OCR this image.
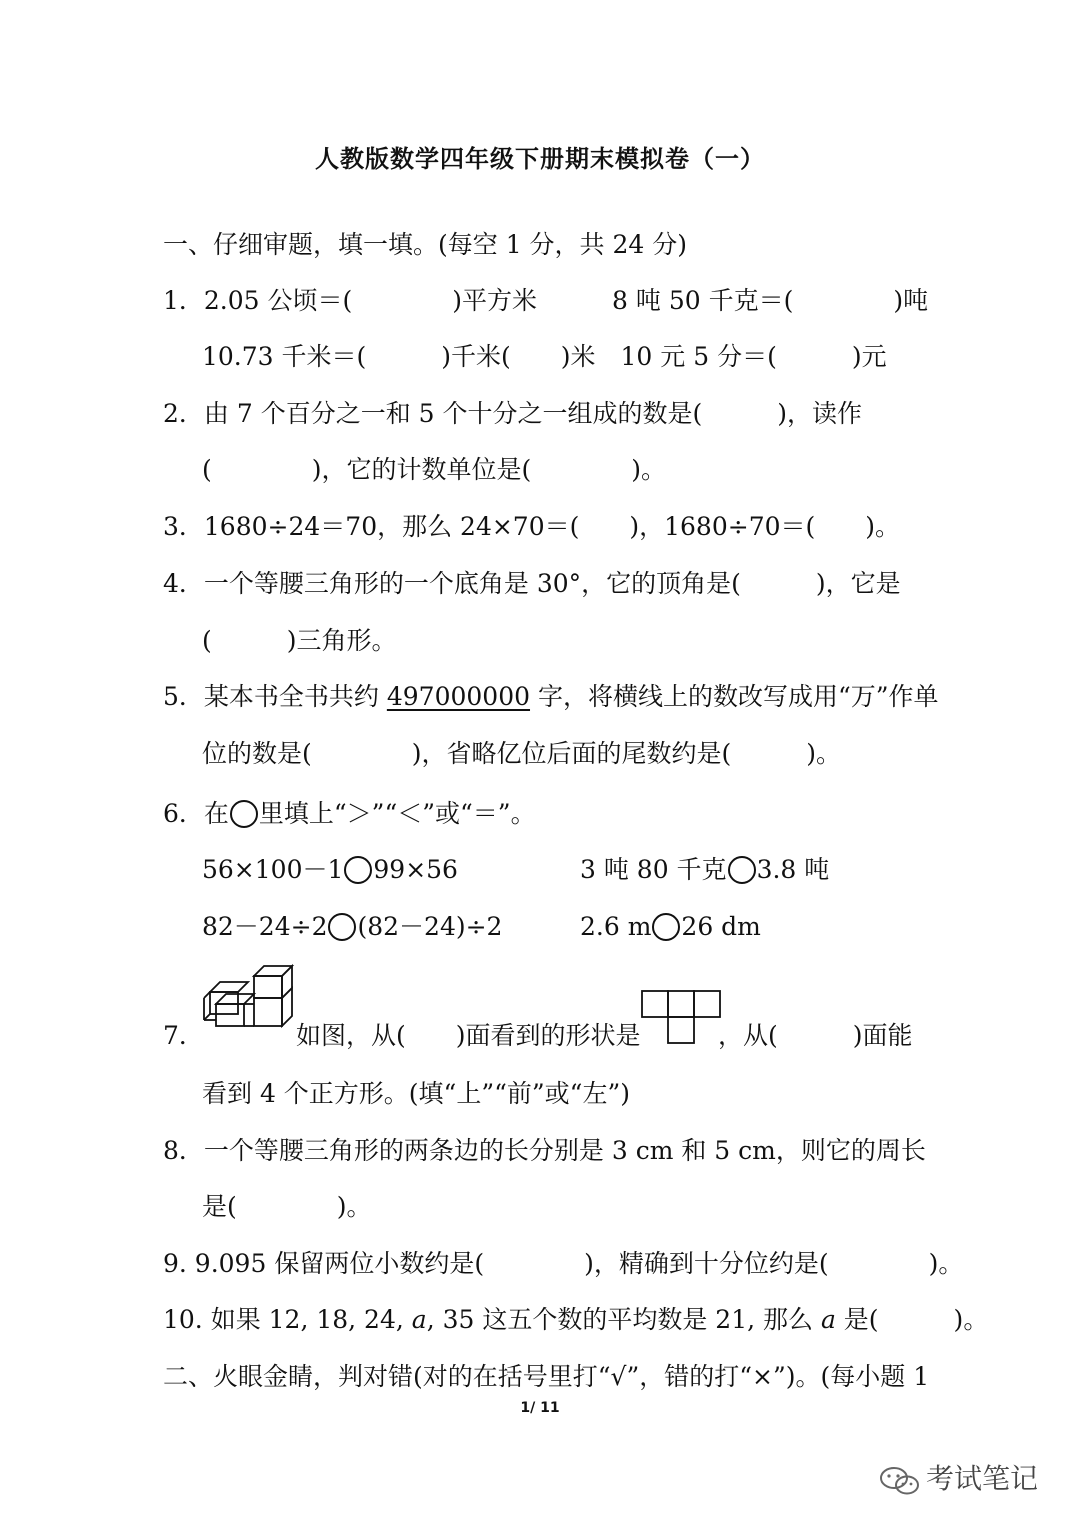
人教版数学四年级下册期末模拟卷（一）
一、仔细审题，填一填。(每空 1 分，共 24 分)
1．2.05 公顷＝(　　　　)平方米　　　8 吨 50 千克＝(　　　　)吨
10.73 千米＝(　　　)千米(　　)米　10 元 5 分＝(　　　)元
2．由 7 个百分之一和 5 个十分之一组成的数是(　　　)，读作
(　　　　)，它的计数单位是(　　　　)。
3．1680÷24＝70，那么 24×70＝(　　)，1680÷70＝(　　)。
4．一个等腰三角形的一个底角是 30°，它的顶角是(　　　)，它是
(　　　)三角形。
5．某本书全书共约 497000000 字，将横线上的数改写成用“万”作单
位的数是(　　　　)，省略亿位后面的尾数约是(　　　)。
6．在 里填上“＞”“＜”或“＝”。
56×100－1 99×56	3 吨 80 千克 3.8 吨
82－24÷2 (82－24)÷2	2.6 m 26 dm
7．	如图，从(　　)面看到的形状是	，从(　　　)面能
看到 4 个正方形。(填“上”“前”或“左”)
8．一个等腰三角形的两条边的长分别是 3 cm 和 5 cm，则它的周长
是(　　　　)。
9. 9.095 保留两位小数约是(　　　　)，精确到十分位约是(　　　　)。
10. 如果 12, 18, 24, a, 35 这五个数的平均数是 21, 那么 a 是(　　　)。
二、火眼金睛，判对错(对的在括号里打“√”，错的打“×”)。(每小题 1
1/ 11
考试笔记
